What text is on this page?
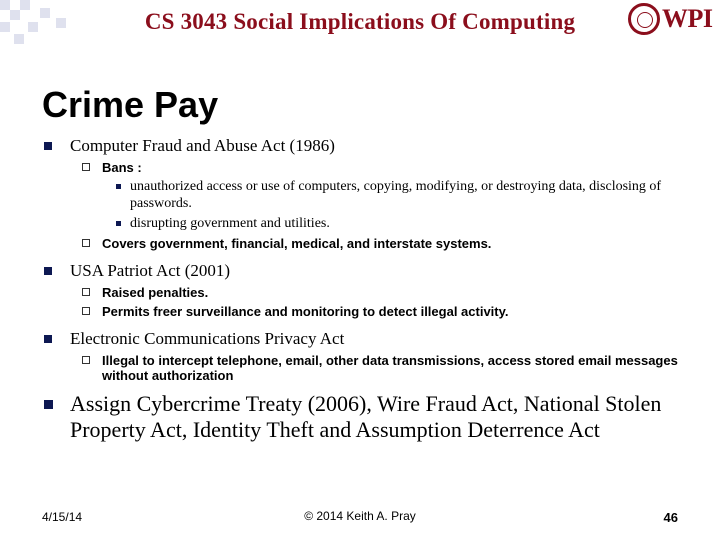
CS 3043 Social Implications Of Computing	WPI
Crime Pay
Computer Fraud and Abuse Act (1986)
Bans :
unauthorized access or use of computers, copying, modifying, or destroying data, disclosing of passwords.
disrupting government and utilities.
Covers government, financial, medical, and interstate systems.
USA Patriot Act (2001)
Raised penalties.
Permits freer surveillance and monitoring to detect illegal activity.
Electronic Communications Privacy Act
Illegal to intercept telephone, email, other data transmissions, access stored email messages without authorization
Assign Cybercrime Treaty (2006), Wire Fraud Act, National Stolen Property Act, Identity Theft and Assumption Deterrence Act
4/15/14	© 2014 Keith A. Pray	46
